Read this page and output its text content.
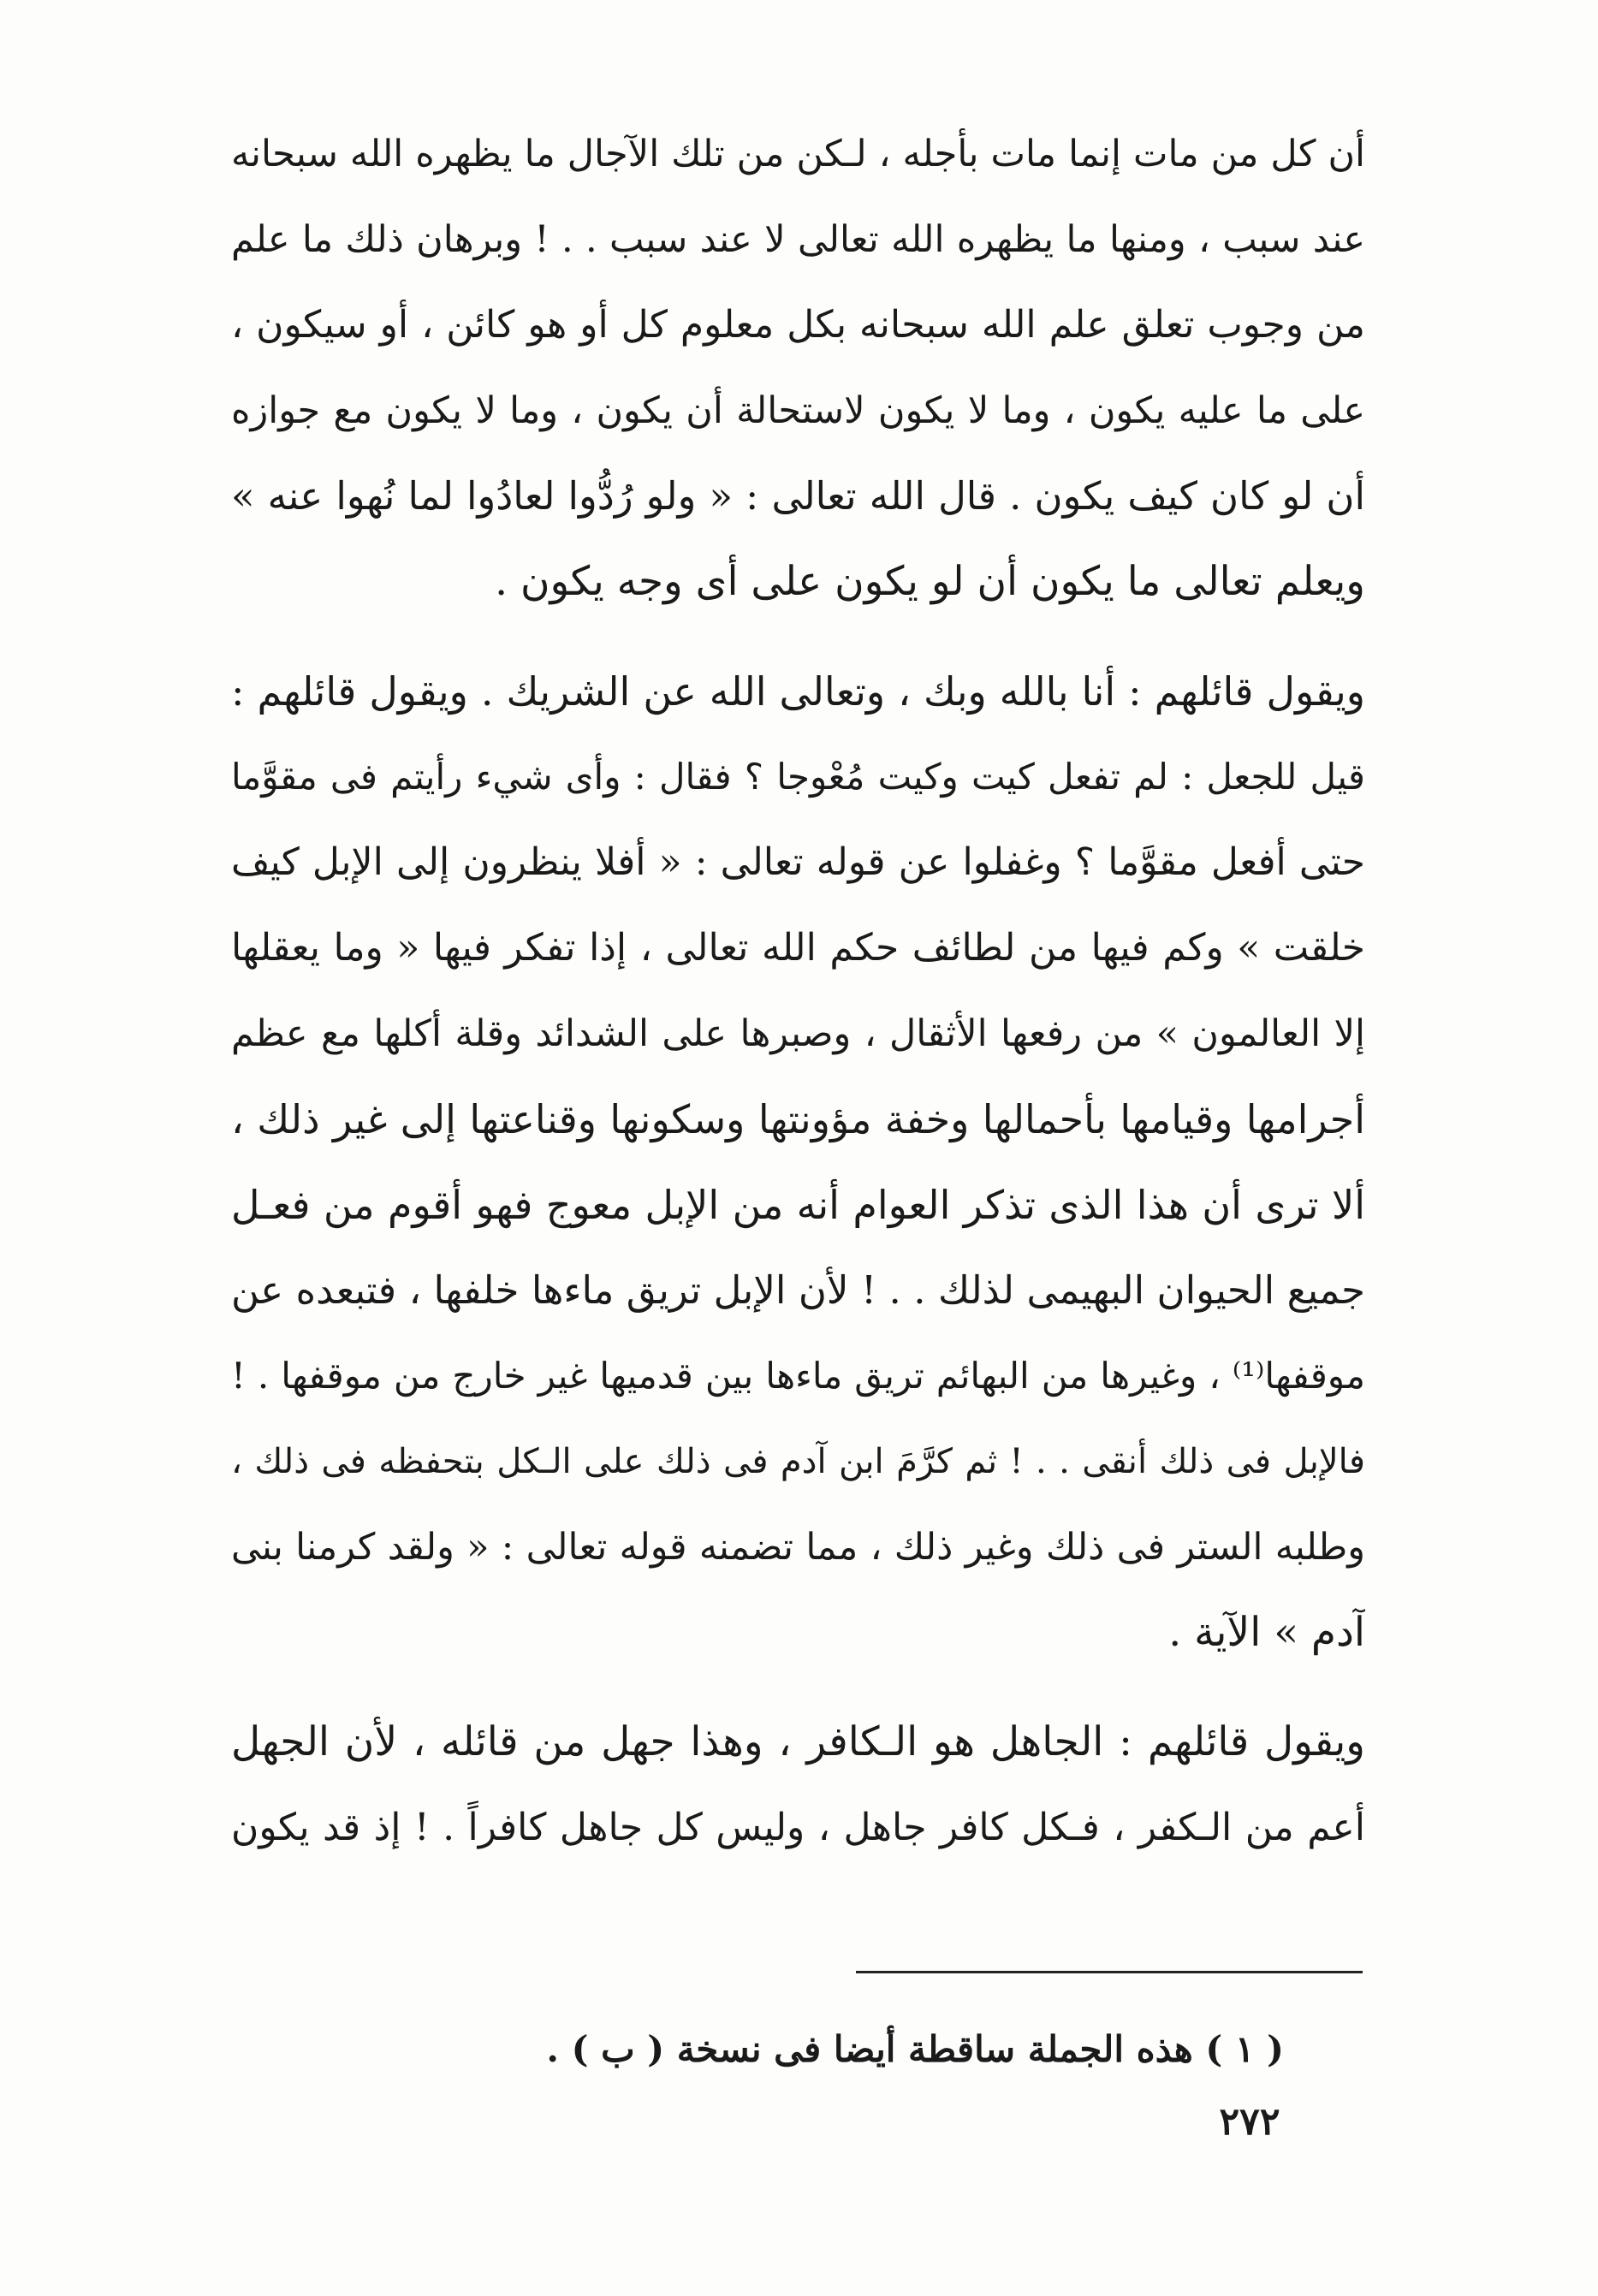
أن كل من مات إنما مات بأجله ، لـكن من تلك الآجال ما يظهره الله سبحانه
عند سبب ، ومنها ما يظهره الله تعالى لا عند سبب . . ! وبرهان ذلك ما علم
من وجوب تعلق علم الله سبحانه بكل معلوم كل أو هو كائن ، أو سيكون ،
على ما عليه يكون ، وما لا يكون لاستحالة أن يكون ، وما لا يكون مع جوازه
أن لو كان كيف يكون . قال الله تعالى : « ولو رُدُّوا لعادُوا لما نُهوا عنه »
ويعلم تعالى ما يكون أن لو يكون على أى وجه يكون .
ويقول قائلهم : أنا بالله وبك ، وتعالى الله عن الشريك . ويقول قائلهم :
قيل للجعل : لم تفعل كيت وكيت مُعْوجا ؟ فقال : وأى شيء رأيتم فى مقوَّما
حتى أفعل مقوَّما ؟ وغفلوا عن قوله تعالى : « أفلا ينظرون إلى الإبل كيف
خلقت » وكم فيها من لطائف حكم الله تعالى ، إذا تفكر فيها « وما يعقلها
إلا العالمون » من رفعها الأثقال ، وصبرها على الشدائد وقلة أكلها مع عظم
أجرامها وقيامها بأحمالها وخفة مؤونتها وسكونها وقناعتها إلى غير ذلك ،
ألا ترى أن هذا الذى تذكر العوام أنه من الإبل معوج فهو أقوم من فعـل
جميع الحيوان البهيمى لذلك . . ! لأن الإبل تريق ماءها خلفها ، فتبعده عن
موقفها⁽¹⁾ ، وغيرها من البهائم تريق ماءها بين قدميها غير خارج من موقفها . !
فالإبل فى ذلك أنقى . . ! ثم كرَّمَ ابن آدم فى ذلك على الـكل بتحفظه فى ذلك ،
وطلبه الستر فى ذلك وغير ذلك ، مما تضمنه قوله تعالى : « ولقد كرمنا بنى
آدم » الآية .
ويقول قائلهم : الجاهل هو الـكافر ، وهذا جهل من قائله ، لأن الجهل
أعم من الـكفر ، فـكل كافر جاهل ، وليس كل جاهل كافراً . ! إذ قد يكون
( ١ ) هذه الجملة ساقطة أيضا فى نسخة ( ب ) .
٢٧٢
